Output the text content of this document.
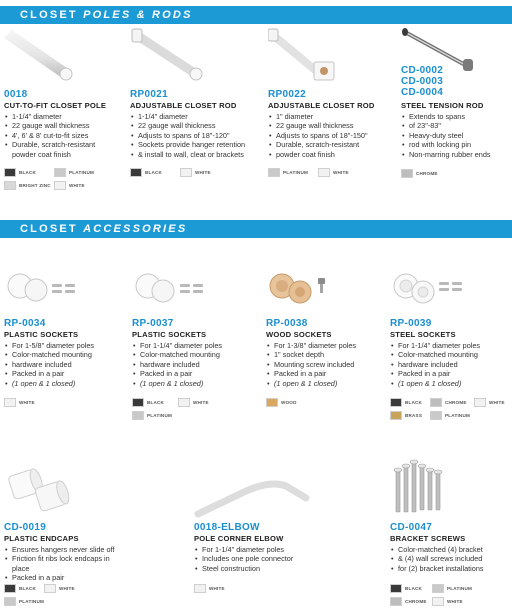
CLOSET POLES & RODS
CLOSET ACCESSORIES
0018
CUT-TO-FIT CLOSET POLE
• 1-1/4" diameter
• 22 gauge wall thickness
• 4', 6' & 8' cut-to-fit sizes
• Durable, scratch-resistant
powder coat finish
BLACK	PLATINUM
BRIGHT ZINC	WHITE
RP0021
ADJUSTABLE CLOSET ROD
• 1-1/4" diameter
• 22 gauge wall thickness
• Adjusts to spans of 18"-120"
• Sockets provide hanger retention
• & install to wall, cleat or brackets
BLACK	WHITE
RP0022
ADJUSTABLE CLOSET ROD
• 1" diameter
• 22 gauge wall thickness
• Adjusts to spans of 18"-150"
• Durable, scratch-resistant
• powder coat finish
PLATINUM	WHITE
CD-0002
CD-0003
CD-0004
STEEL TENSION ROD
• Extends to spans
• of 23"-83"
• Heavy-duty steel
• rod with locking pin
• Non-marring rubber ends
CHROME
RP-0034
PLASTIC SOCKETS
• For 1-5/8" diameter poles
• Color-matched mounting
• hardware included
• Packed in a pair
• (1 open & 1 closed)
WHITE
RP-0037
PLASTIC SOCKETS
• For 1-1/4" diameter poles
• Color-matched mounting
• hardware included
• Packed in a pair
• (1 open & 1 closed)
BLACK	WHITE
PLATINUM
RP-0038
WOOD SOCKETS
• For 1-3/8" diameter poles
• 1" socket depth
• Mounting screw included
• Packed in a pair
• (1 open & 1 closed)
WOOD
RP-0039
STEEL SOCKETS
• For 1-1/4" diameter poles
• Color-matched mounting
• hardware included
• Packed in a pair
• (1 open & 1 closed)
BLACK	CHROME	WHITE
BRASS	PLATINUM
CD-0019
PLASTIC ENDCAPS
• Ensures hangers never slide off
• Friction fit ribs lock endcaps in place
• Packed in a pair
BLACK	WHITE
PLATINUM
0018-ELBOW
POLE CORNER ELBOW
• For 1-1/4" diameter poles
• Includes one pole connector
• Steel construction
WHITE
CD-0047
BRACKET SCREWS
• Color-matched (4) bracket
• & (4) wall screws included
• for (2) bracket installations
BLACK	PLATINUM
CHROME	WHITE
